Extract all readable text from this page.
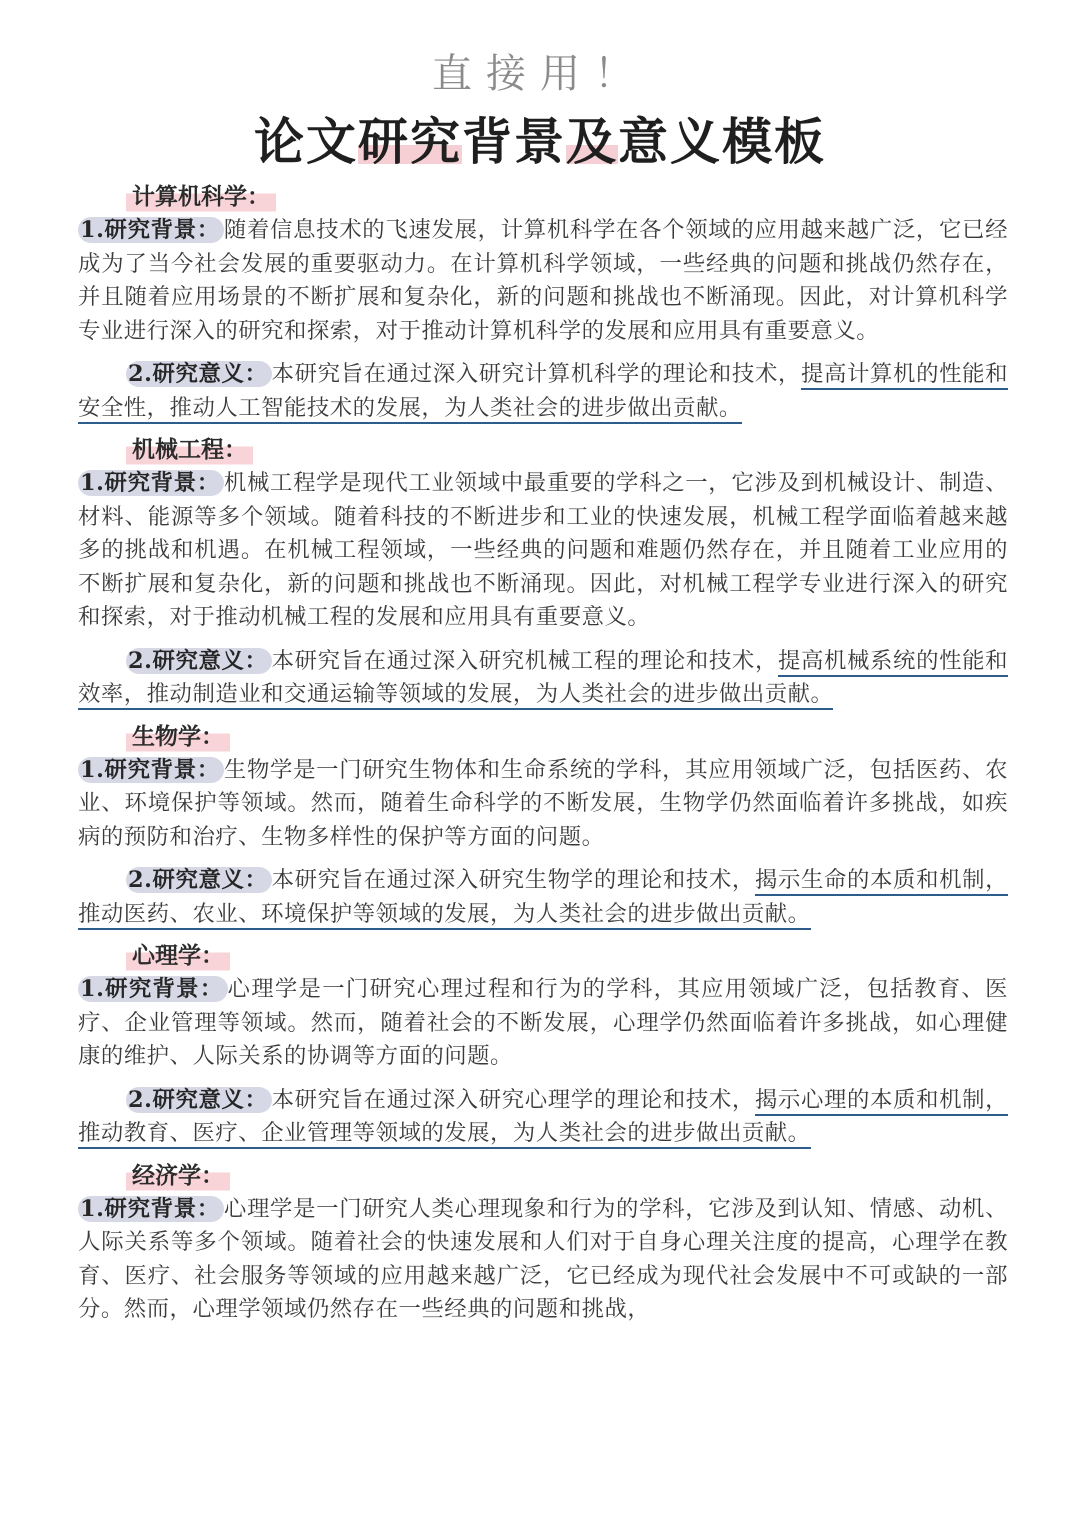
直接用！
论文研究背景及意义模板
计算机科学：

1.研究背景： 随着信息技术的飞速发展，计算机科学在各个领域的应用越来越广泛，它已经成为了当今社会发展的重要驱动力。在计算机科学领域，一些经典的问题和挑战仍然存在，并且随着应用场景的不断扩展和复杂化，新的问题和挑战也不断涌现。因此，对计算机科学专业进行深入的研究和探索，对于推动计算机科学的发展和应用具有重要意义。

2.研究意义： 本研究旨在通过深入研究计算机科学的理论和技术，提高计算机的性能和安全性，推动人工智能技术的发展，为人类社会的进步做出贡献。

机械工程：

1.研究背景： 机械工程学是现代工业领域中最重要的学科之一，它涉及到机械设计、制造、材料、能源等多个领域。随着科技的不断进步和工业的快速发展，机械工程学面临着越来越多的挑战和机遇。在机械工程领域，一些经典的问题和难题仍然存在，并且随着工业应用的不断扩展和复杂化，新的问题和挑战也不断涌现。因此，对机械工程学专业进行深入的研究和探索，对于推动机械工程的发展和应用具有重要意义。

2.研究意义： 本研究旨在通过深入研究机械工程的理论和技术，提高机械系统的性能和效率，推动制造业和交通运输等领域的发展，为人类社会的进步做出贡献。

生物学：

1.研究背景： 生物学是一门研究生物体和生命系统的学科，其应用领域广泛，包括医药、农业、环境保护等领域。然而，随着生命科学的不断发展，生物学仍然面临着许多挑战，如疾病的预防和治疗、生物多样性的保护等方面的问题。

2.研究意义： 本研究旨在通过深入研究生物学的理论和技术，揭示生命的本质和机制，推动医药、农业、环境保护等领域的发展，为人类社会的进步做出贡献。

心理学：

1.研究背景： 心理学是一门研究心理过程和行为的学科，其应用领域广泛，包括教育、医疗、企业管理等领域。然而，随着社会的不断发展，心理学仍然面临着许多挑战，如心理健康的维护、人际关系的协调等方面的问题。

2.研究意义： 本研究旨在通过深入研究心理学的理论和技术，揭示心理的本质和机制，推动教育、医疗、企业管理等领域的发展，为人类社会的进步做出贡献。

经济学：

1.研究背景： 心理学是一门研究人类心理现象和行为的学科，它涉及到认知、情感、动机、人际关系等多个领域。随着社会的快速发展和人们对于自身心理关注度的提高，心理学在教育、医疗、社会服务等领域的应用越来越广泛，它已经成为现代社会发展中不可或缺的一部分。然而，心理学领域仍然存在一些经典的问题和挑战，
